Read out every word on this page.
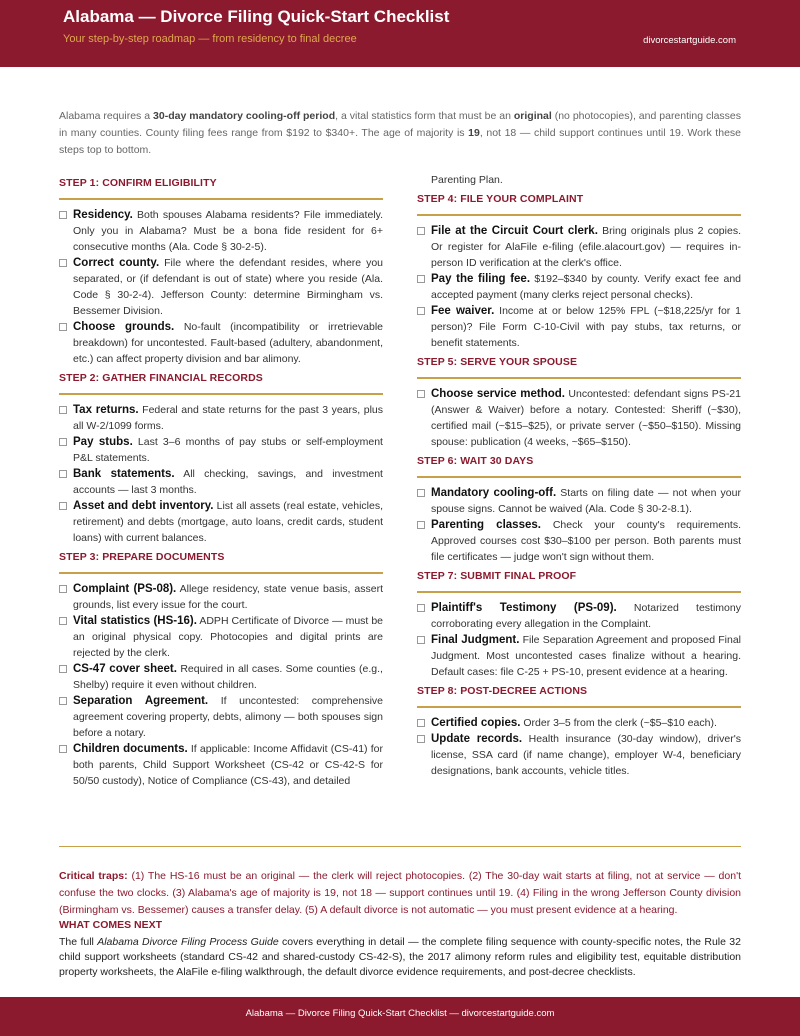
Alabama — Divorce Filing Quick-Start Checklist
Your step-by-step roadmap — from residency to final decree	divorcestartguide.com
Alabama requires a 30-day mandatory cooling-off period, a vital statistics form that must be an original (no photocopies), and parenting classes in many counties. County filing fees range from $192 to $340+. The age of majority is 19, not 18 — child support continues until 19. Work these steps top to bottom.
STEP 1: CONFIRM ELIGIBILITY
Residency. Both spouses Alabama residents? File immediately. Only you in Alabama? Must be a bona fide resident for 6+ consecutive months (Ala. Code § 30-2-5).
Correct county. File where the defendant resides, where you separated, or (if defendant is out of state) where you reside (Ala. Code § 30-2-4). Jefferson County: determine Birmingham vs. Bessemer Division.
Choose grounds. No-fault (incompatibility or irretrievable breakdown) for uncontested. Fault-based (adultery, abandonment, etc.) can affect property division and bar alimony.
STEP 2: GATHER FINANCIAL RECORDS
Tax returns. Federal and state returns for the past 3 years, plus all W-2/1099 forms.
Pay stubs. Last 3–6 months of pay stubs or self-employment P&L statements.
Bank statements. All checking, savings, and investment accounts — last 3 months.
Asset and debt inventory. List all assets (real estate, vehicles, retirement) and debts (mortgage, auto loans, credit cards, student loans) with current balances.
STEP 3: PREPARE DOCUMENTS
Complaint (PS-08). Allege residency, state venue basis, assert grounds, list every issue for the court.
Vital statistics (HS-16). ADPH Certificate of Divorce — must be an original physical copy. Photocopies and digital prints are rejected by the clerk.
CS-47 cover sheet. Required in all cases. Some counties (e.g., Shelby) require it even without children.
Separation Agreement. If uncontested: comprehensive agreement covering property, debts, alimony — both spouses sign before a notary.
Children documents. If applicable: Income Affidavit (CS-41) for both parents, Child Support Worksheet (CS-42 or CS-42-S for 50/50 custody), Notice of Compliance (CS-43), and detailed
Parenting Plan.
STEP 4: FILE YOUR COMPLAINT
File at the Circuit Court clerk. Bring originals plus 2 copies. Or register for AlaFile e-filing (efile.alacourt.gov) — requires in-person ID verification at the clerk's office.
Pay the filing fee. $192–$340 by county. Verify exact fee and accepted payment (many clerks reject personal checks).
Fee waiver. Income at or below 125% FPL (~$18,225/yr for 1 person)? File Form C-10-Civil with pay stubs, tax returns, or benefit statements.
STEP 5: SERVE YOUR SPOUSE
Choose service method. Uncontested: defendant signs PS-21 (Answer & Waiver) before a notary. Contested: Sheriff (~$30), certified mail (~$15–$25), or private server (~$50–$150). Missing spouse: publication (4 weeks, ~$65–$150).
STEP 6: WAIT 30 DAYS
Mandatory cooling-off. Starts on filing date — not when your spouse signs. Cannot be waived (Ala. Code § 30-2-8.1).
Parenting classes. Check your county's requirements. Approved courses cost $30–$100 per person. Both parents must file certificates — judge won't sign without them.
STEP 7: SUBMIT FINAL PROOF
Plaintiff's Testimony (PS-09). Notarized testimony corroborating every allegation in the Complaint.
Final Judgment. File Separation Agreement and proposed Final Judgment. Most uncontested cases finalize without a hearing. Default cases: file C-25 + PS-10, present evidence at a hearing.
STEP 8: POST-DECREE ACTIONS
Certified copies. Order 3–5 from the clerk (~$5–$10 each).
Update records. Health insurance (30-day window), driver's license, SSA card (if name change), employer W-4, beneficiary designations, bank accounts, vehicle titles.
Critical traps: (1) The HS-16 must be an original — the clerk will reject photocopies. (2) The 30-day wait starts at filing, not at service — don't confuse the two clocks. (3) Alabama's age of majority is 19, not 18 — support continues until 19. (4) Filing in the wrong Jefferson County division (Birmingham vs. Bessemer) causes a transfer delay. (5) A default divorce is not automatic — you must present evidence at a hearing.
WHAT COMES NEXT
The full Alabama Divorce Filing Process Guide covers everything in detail — the complete filing sequence with county-specific notes, the Rule 32 child support worksheets (standard CS-42 and shared-custody CS-42-S), the 2017 alimony reform rules and eligibility test, equitable distribution property worksheets, the AlaFile e-filing walkthrough, the default divorce evidence requirements, and post-decree checklists.
Alabama — Divorce Filing Quick-Start Checklist — divorcestartguide.com
